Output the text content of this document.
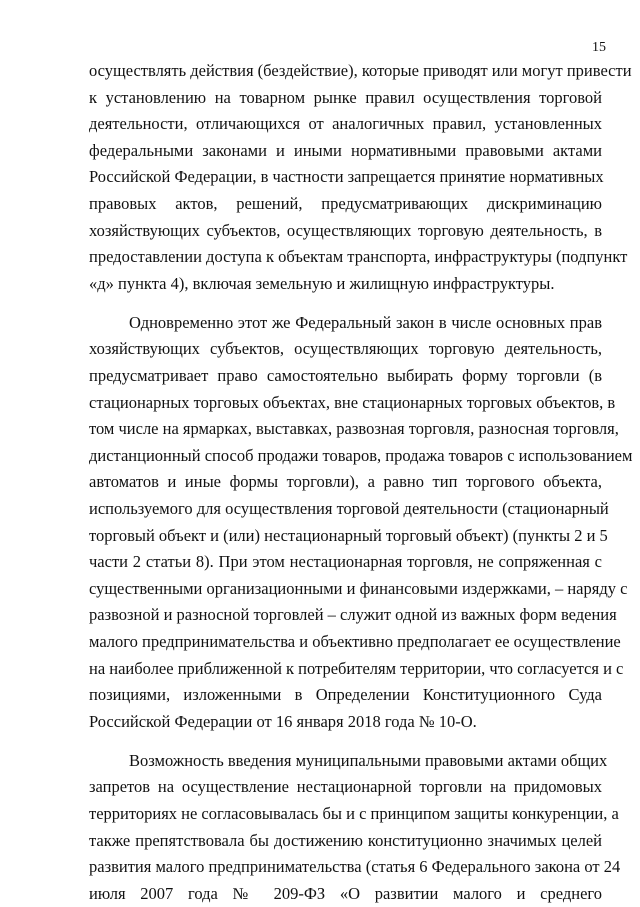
15

осуществлять действия (бездействие), которые приводят или могут привести
к установлению на товарном рынке правил осуществления торговой
деятельности, отличающихся от аналогичных правил, установленных
федеральными законами и иными нормативными правовыми актами
Российской Федерации, в частности запрещается принятие нормативных
правовых актов, решений, предусматривающих дискриминацию
хозяйствующих субъектов, осуществляющих торговую деятельность, в
предоставлении доступа к объектам транспорта, инфраструктуры (подпункт
«д» пункта 4), включая земельную и жилищную инфраструктуры.

Одновременно этот же Федеральный закон в числе основных прав
хозяйствующих субъектов, осуществляющих торговую деятельность,
предусматривает право самостоятельно выбирать форму торговли (в
стационарных торговых объектах, вне стационарных торговых объектов, в
том числе на ярмарках, выставках, развозная торговля, разносная торговля,
дистанционный способ продажи товаров, продажа товаров с использованием
автоматов и иные формы торговли), а равно тип торгового объекта,
используемого для осуществления торговой деятельности (стационарный
торговый объект и (или) нестационарный торговый объект) (пункты 2 и 5
части 2 статьи 8). При этом нестационарная торговля, не сопряженная с
существенными организационными и финансовыми издержками, – наряду с
развозной и разносной торговлей – служит одной из важных форм ведения
малого предпринимательства и объективно предполагает ее осуществление
на наиболее приближенной к потребителям территории, что согласуется и с
позициями, изложенными в Определении Конституционного Суда
Российской Федерации от 16 января 2018 года № 10-О.

Возможность введения муниципальными правовыми актами общих
запретов на осуществление нестационарной торговли на придомовых
территориях не согласовывалась бы и с принципом защиты конкуренции, а
также препятствовала бы достижению конституционно значимых целей
развития малого предпринимательства (статья 6 Федерального закона от 24
июля 2007 года № 209-ФЗ «О развитии малого и среднего
